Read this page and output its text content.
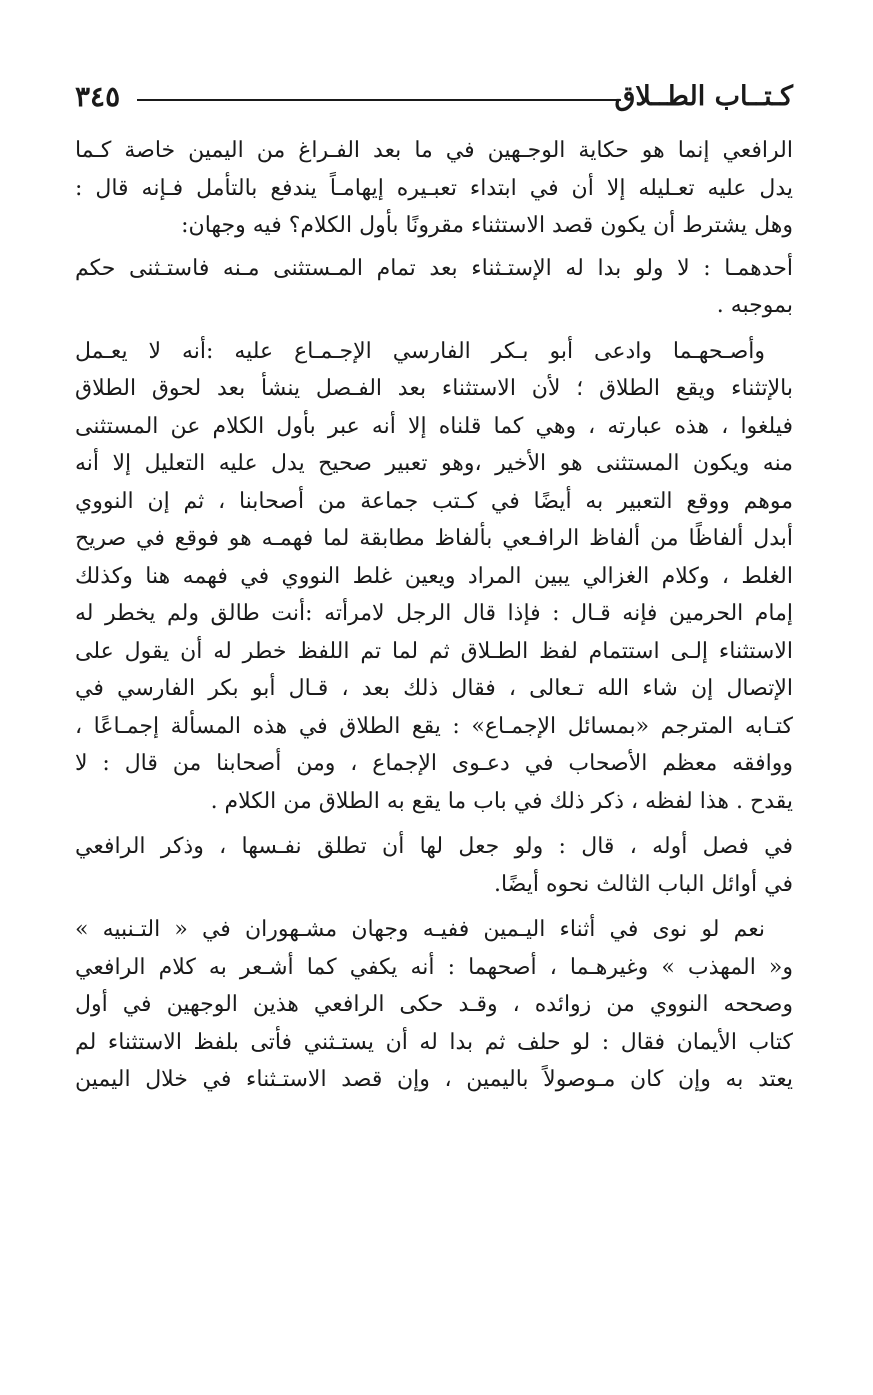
٣٤٥	كـتــاب الطــلاق
الرافعي إنما هو حكاية الوجـهين في ما بعد الفـراغ من اليمين خاصة كـما
يدل عليه تعـليله إلا أن في ابتداء تعبـيره إيهامـاً يندفع بالتأمل فـإنه قال :
وهل يشترط أن يكون قصد الاستثناء مقرونًا بأول الكلام؟ فيه وجهان:
أحدهمـا : لا ولو بدا له الإستـثناء بعد تمام المـستثنى مـنه فاستـثنى حكم
بموجبه .
وأصـحهـما وادعى أبو بـكر الفارسي الإجـمـاع عليه :أنه لا يعـمل
بالإتثناء ويقع الطلاق ؛ لأن الاستثناء بعد الفـصل ينشأ بعد لحوق الطلاق
فيلغوا ، هذه عبارته ، وهي كما قلناه إلا أنه عبر بأول الكلام عن المستثنى
منه ويكون المستثنى هو الأخير ،وهو تعبير صحيح يدل عليه التعليل إلا أنه
موهم ووقع التعبير به أيضًا في كـتب جماعة من أصحابنا ، ثم إن النووي
أبدل ألفاظًا من ألفاظ الرافـعي بألفاظ مطابقة لما فهمـه هو فوقع في صريح
الغلط ، وكلام الغزالي يبين المراد ويعين غلط النووي في فهمه هنا وكذلك
إمام الحرمين فإنه قـال : فإذا قال الرجل لامرأته :أنت طالق ولم يخطر له
الاستثناء إلـى استتمام لفظ الطـلاق ثم لما تم اللفظ خطر له أن يقول على
الإتصال إن شاء الله تـعالى ، فقال ذلك بعد ، قـال أبو بكر الفارسي في
كتـابه المترجم «بمسائل الإجمـاع» : يقع الطلاق في هذه المسألة إجمـاعًا ،
ووافقه معظم الأصحاب في دعـوى الإجماع ، ومن أصحابنا من قال : لا
يقدح . هذا لفظه ، ذكر ذلك في باب ما يقع به الطلاق من الكلام .
في فصل أوله ، قال : ولو جعل لها أن تطلق نفـسها ، وذكر الرافعي
في أوائل الباب الثالث نحوه أيضًا.
نعم لو نوى في أثناء اليـمين ففيـه وجهان مشـهوران في « التـنبيه »
و« المهذب » وغيرهـما ، أصحهما : أنه يكفي كما أشـعر به كلام الرافعي
وصححه النووي من زوائده ، وقـد حكى الرافعي هذين الوجهين في أول
كتاب الأيمان فقال : لو حلف ثم بدا له أن يستـثني فأتى بلفظ الاستثناء لم
يعتد به وإن كان مـوصولاً باليمين ، وإن قصد الاستـثناء في خلال اليمين
